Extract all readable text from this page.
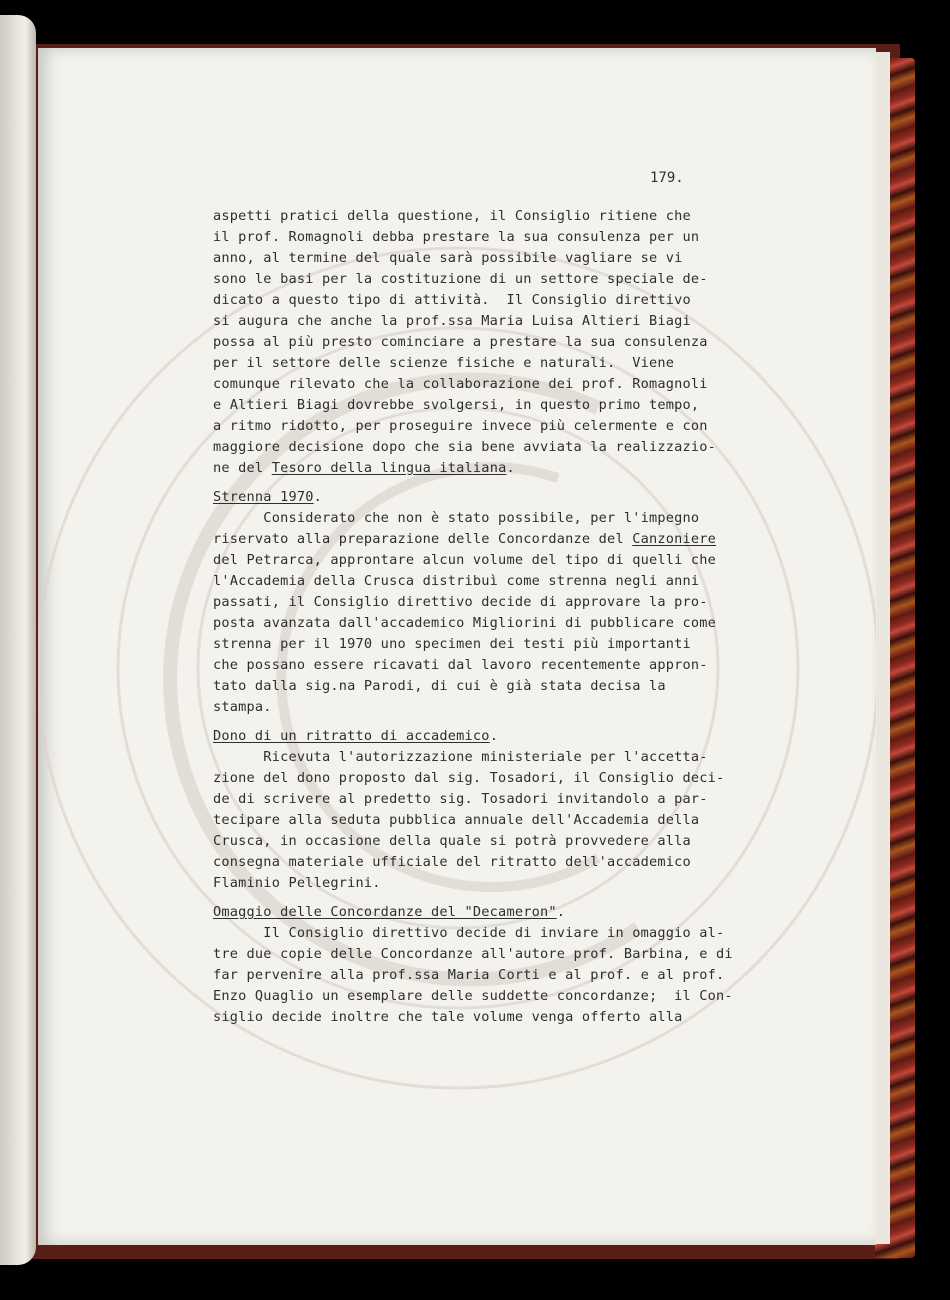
179.
aspetti pratici della questione, il Consiglio ritiene che
il prof. Romagnoli debba prestare la sua consulenza per un
anno, al termine del quale sarà possibile vagliare se vi
sono le basi per la costituzione di un settore speciale de-
dicato a questo tipo di attività.  Il Consiglio direttivo
si augura che anche la prof.ssa Maria Luisa Altieri Biagi
possa al più presto cominciare a prestare la sua consulenza
per il settore delle scienze fisiche e naturali.  Viene
comunque rilevato che la collaborazione dei prof. Romagnoli
e Altieri Biagi dovrebbe svolgersi, in questo primo tempo,
a ritmo ridotto, per proseguire invece più celermente e con
maggiore decisione dopo che sia bene avviata la realizzazio-
ne del Tesoro della lingua italiana.
Strenna 1970.
Considerato che non è stato possibile, per l'impegno
riservato alla preparazione delle Concordanze del Canzoniere
del Petrarca, approntare alcun volume del tipo di quelli che
l'Accademia della Crusca distribuì come strenna negli anni
passati, il Consiglio direttivo decide di approvare la pro-
posta avanzata dall'accademico Migliorini di pubblicare come
strenna per il 1970 uno specimen dei testi più importanti
che possano essere ricavati dal lavoro recentemente appron-
tato dalla sig.na Parodi, di cui è già stata decisa la
stampa.
Dono di un ritratto di accademico.
Ricevuta l'autorizzazione ministeriale per l'accetta-
zione del dono proposto dal sig. Tosadori, il Consiglio deci-
de di scrivere al predetto sig. Tosadori invitandolo a par-
tecipare alla seduta pubblica annuale dell'Accademia della
Crusca, in occasione della quale si potrà provvedere alla
consegna materiale ufficiale del ritratto dell'accademico
Flaminio Pellegrini.
Omaggio delle Concordanze del "Decameron".
Il Consiglio direttivo decide di inviare in omaggio al-
tre due copie delle Concordanze all'autore prof. Barbina, e di
far pervenire alla prof.ssa Maria Corti e al prof. e al prof.
Enzo Quaglio un esemplare delle suddette concordanze;  il Con-
siglio decide inoltre che tale volume venga offerto alla
